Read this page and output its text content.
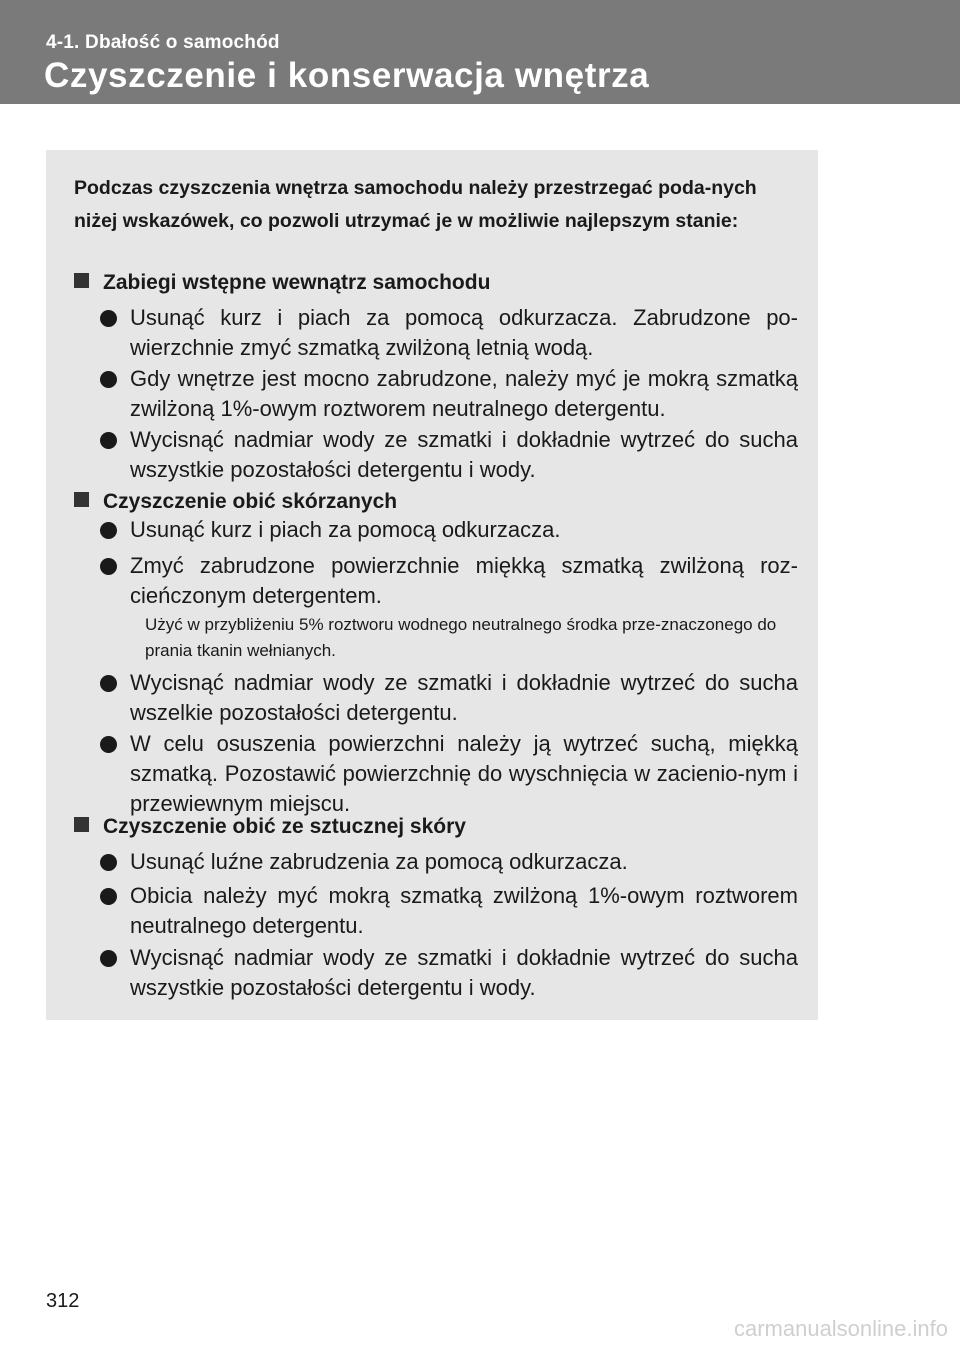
4-1. Dbałość o samochód
Czyszczenie i konserwacja wnętrza
Podczas czyszczenia wnętrza samochodu należy przestrzegać poda-nych niżej wskazówek, co pozwoli utrzymać je w możliwie najlepszym stanie:
Zabiegi wstępne wewnątrz samochodu
Usunąć kurz i piach za pomocą odkurzacza. Zabrudzone po-wierzchnie zmyć szmatką zwilżoną letnią wodą.
Gdy wnętrze jest mocno zabrudzone, należy myć je mokrą szmatką zwilżoną 1%-owym roztworem neutralnego detergentu.
Wycisnąć nadmiar wody ze szmatki i dokładnie wytrzeć do sucha wszystkie pozostałości detergentu i wody.
Czyszczenie obić skórzanych
Usunąć kurz i piach za pomocą odkurzacza.
Zmyć zabrudzone powierzchnie miękką szmatką zwilżoną roz-cieńczonym detergentem.
Użyć w przybliżeniu 5% roztworu wodnego neutralnego środka prze-znaczonego do prania tkanin wełnianych.
Wycisnąć nadmiar wody ze szmatki i dokładnie wytrzeć do sucha wszelkie pozostałości detergentu.
W celu osuszenia powierzchni należy ją wytrzeć suchą, miękką szmatką. Pozostawić powierzchnię do wyschnięcia w zacienio-nym i przewiewnym miejscu.
Czyszczenie obić ze sztucznej skóry
Usunąć luźne zabrudzenia za pomocą odkurzacza.
Obicia należy myć mokrą szmatką zwilżoną 1%-owym roztworem neutralnego detergentu.
Wycisnąć nadmiar wody ze szmatki i dokładnie wytrzeć do sucha wszystkie pozostałości detergentu i wody.
312
carmanualsonline.info
